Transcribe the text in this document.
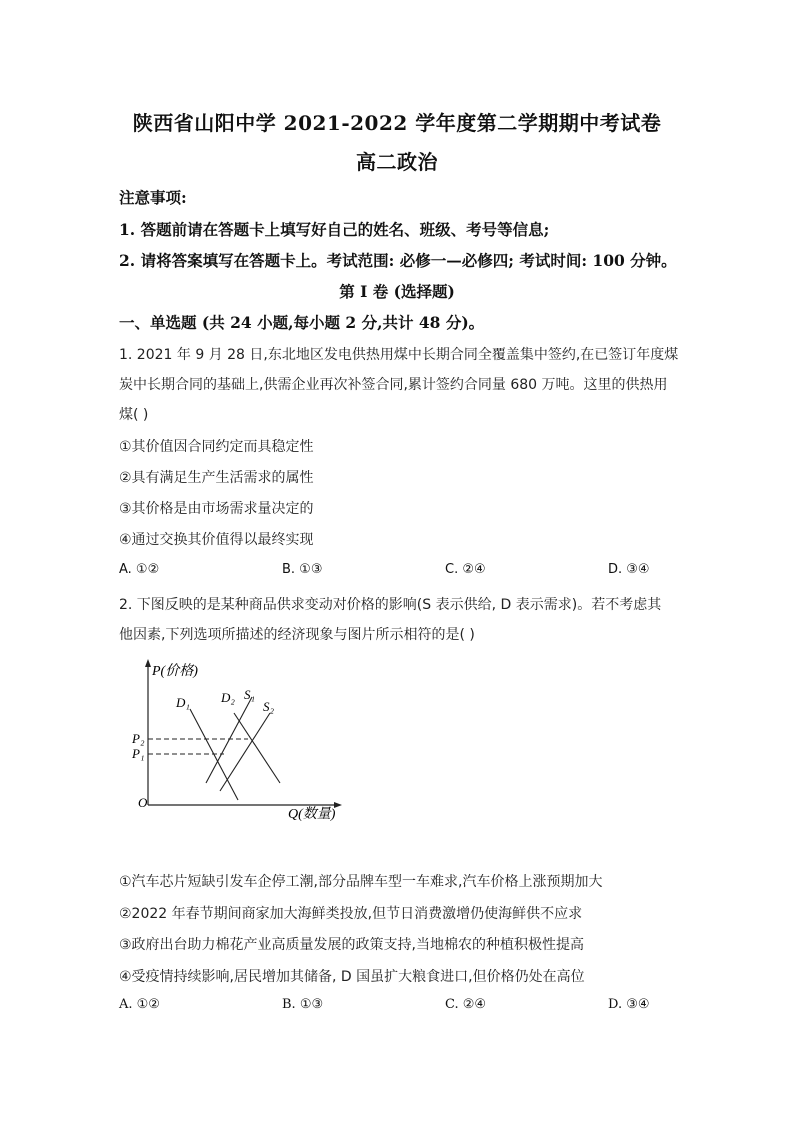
陕西省山阳中学 2021-2022 学年度第二学期期中考试卷
高二政治
注意事项:
1. 答题前请在答题卡上填写好自己的姓名、班级、考号等信息;
2. 请将答案填写在答题卡上。考试范围: 必修一—必修四; 考试时间: 100 分钟。
第 I 卷 (选择题)
一、单选题 (共 24 小题,每小题 2 分,共计 48 分)。
1. 2021 年 9 月 28 日,东北地区发电供热用煤中长期合同全覆盖集中签约,在已签订年度煤
炭中长期合同的基础上,供需企业再次补签合同,累计签约合同量 680 万吨。这里的供热用
煤( )
①其价值因合同约定而具稳定性
②具有满足生产生活需求的属性
③其价格是由市场需求量决定的
④通过交换其价值得以最终实现
A. ①②	B. ①③	C. ②④	D. ③④
2. 下图反映的是某种商品供求变动对价格的影响(S 表示供给, D 表示需求)。若不考虑其
他因素,下列选项所描述的经济现象与图片所示相符的是( )
P(价格)
Q(数量)
O
P₂
P₁
D₁ D₂ S₁
S₂
①汽车芯片短缺引发车企停工潮,部分品牌车型一车难求,汽车价格上涨预期加大
②2022 年春节期间商家加大海鲜类投放,但节日消费激增仍使海鲜供不应求
③政府出台助力棉花产业高质量发展的政策支持,当地棉农的种植积极性提高
④受疫情持续影响,居民增加其储备, D 国虽扩大粮食进口,但价格仍处在高位
A. ①②	B. ①③	C. ②④	D. ③④
